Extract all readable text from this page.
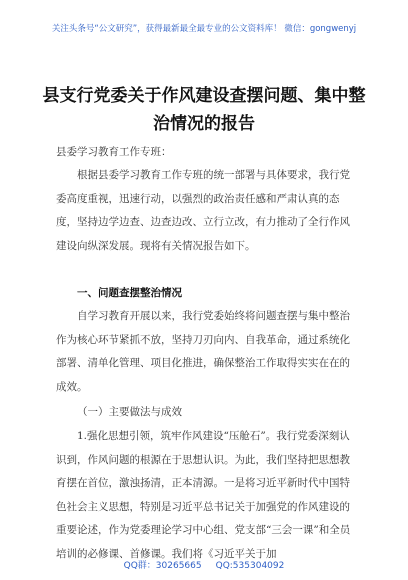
关注头条号“公文研究”，获得最新最全最专业的公文资料库！ 微信：gongwenyj
县支行党委关于作风建设查摆问题、集中整治情况的报告
县委学习教育工作专班：
根据县委学习教育工作专班的统一部署与具体要求，我行党委高度重视，迅速行动，以强烈的政治责任感和严肃认真的态度，坚持边学边查、边查边改、立行立改，有力推动了全行作风建设向纵深发展。现将有关情况报告如下。
一、问题查摆整治情况
自学习教育开展以来，我行党委始终将问题查摆与集中整治作为核心环节紧抓不放，坚持刀刃向内、自我革命，通过系统化部署、清单化管理、项目化推进，确保整治工作取得实实在在的成效。
（一）主要做法与成效
1.强化思想引领，筑牢作风建设“压舱石”。我行党委深刻认识到，作风问题的根源在于思想认识。为此，我们坚持把思想教育摆在首位，激浊扬清，正本清源。一是将习近平新时代中国特色社会主义思想，特别是习近平总书记关于加强党的作风建设的重要论述，作为党委理论学习中心组、党支部“三会一课”和全员培训的必修课、首修课。我们将《习近平关于加
QQ群：30265665 QQ:535304092
